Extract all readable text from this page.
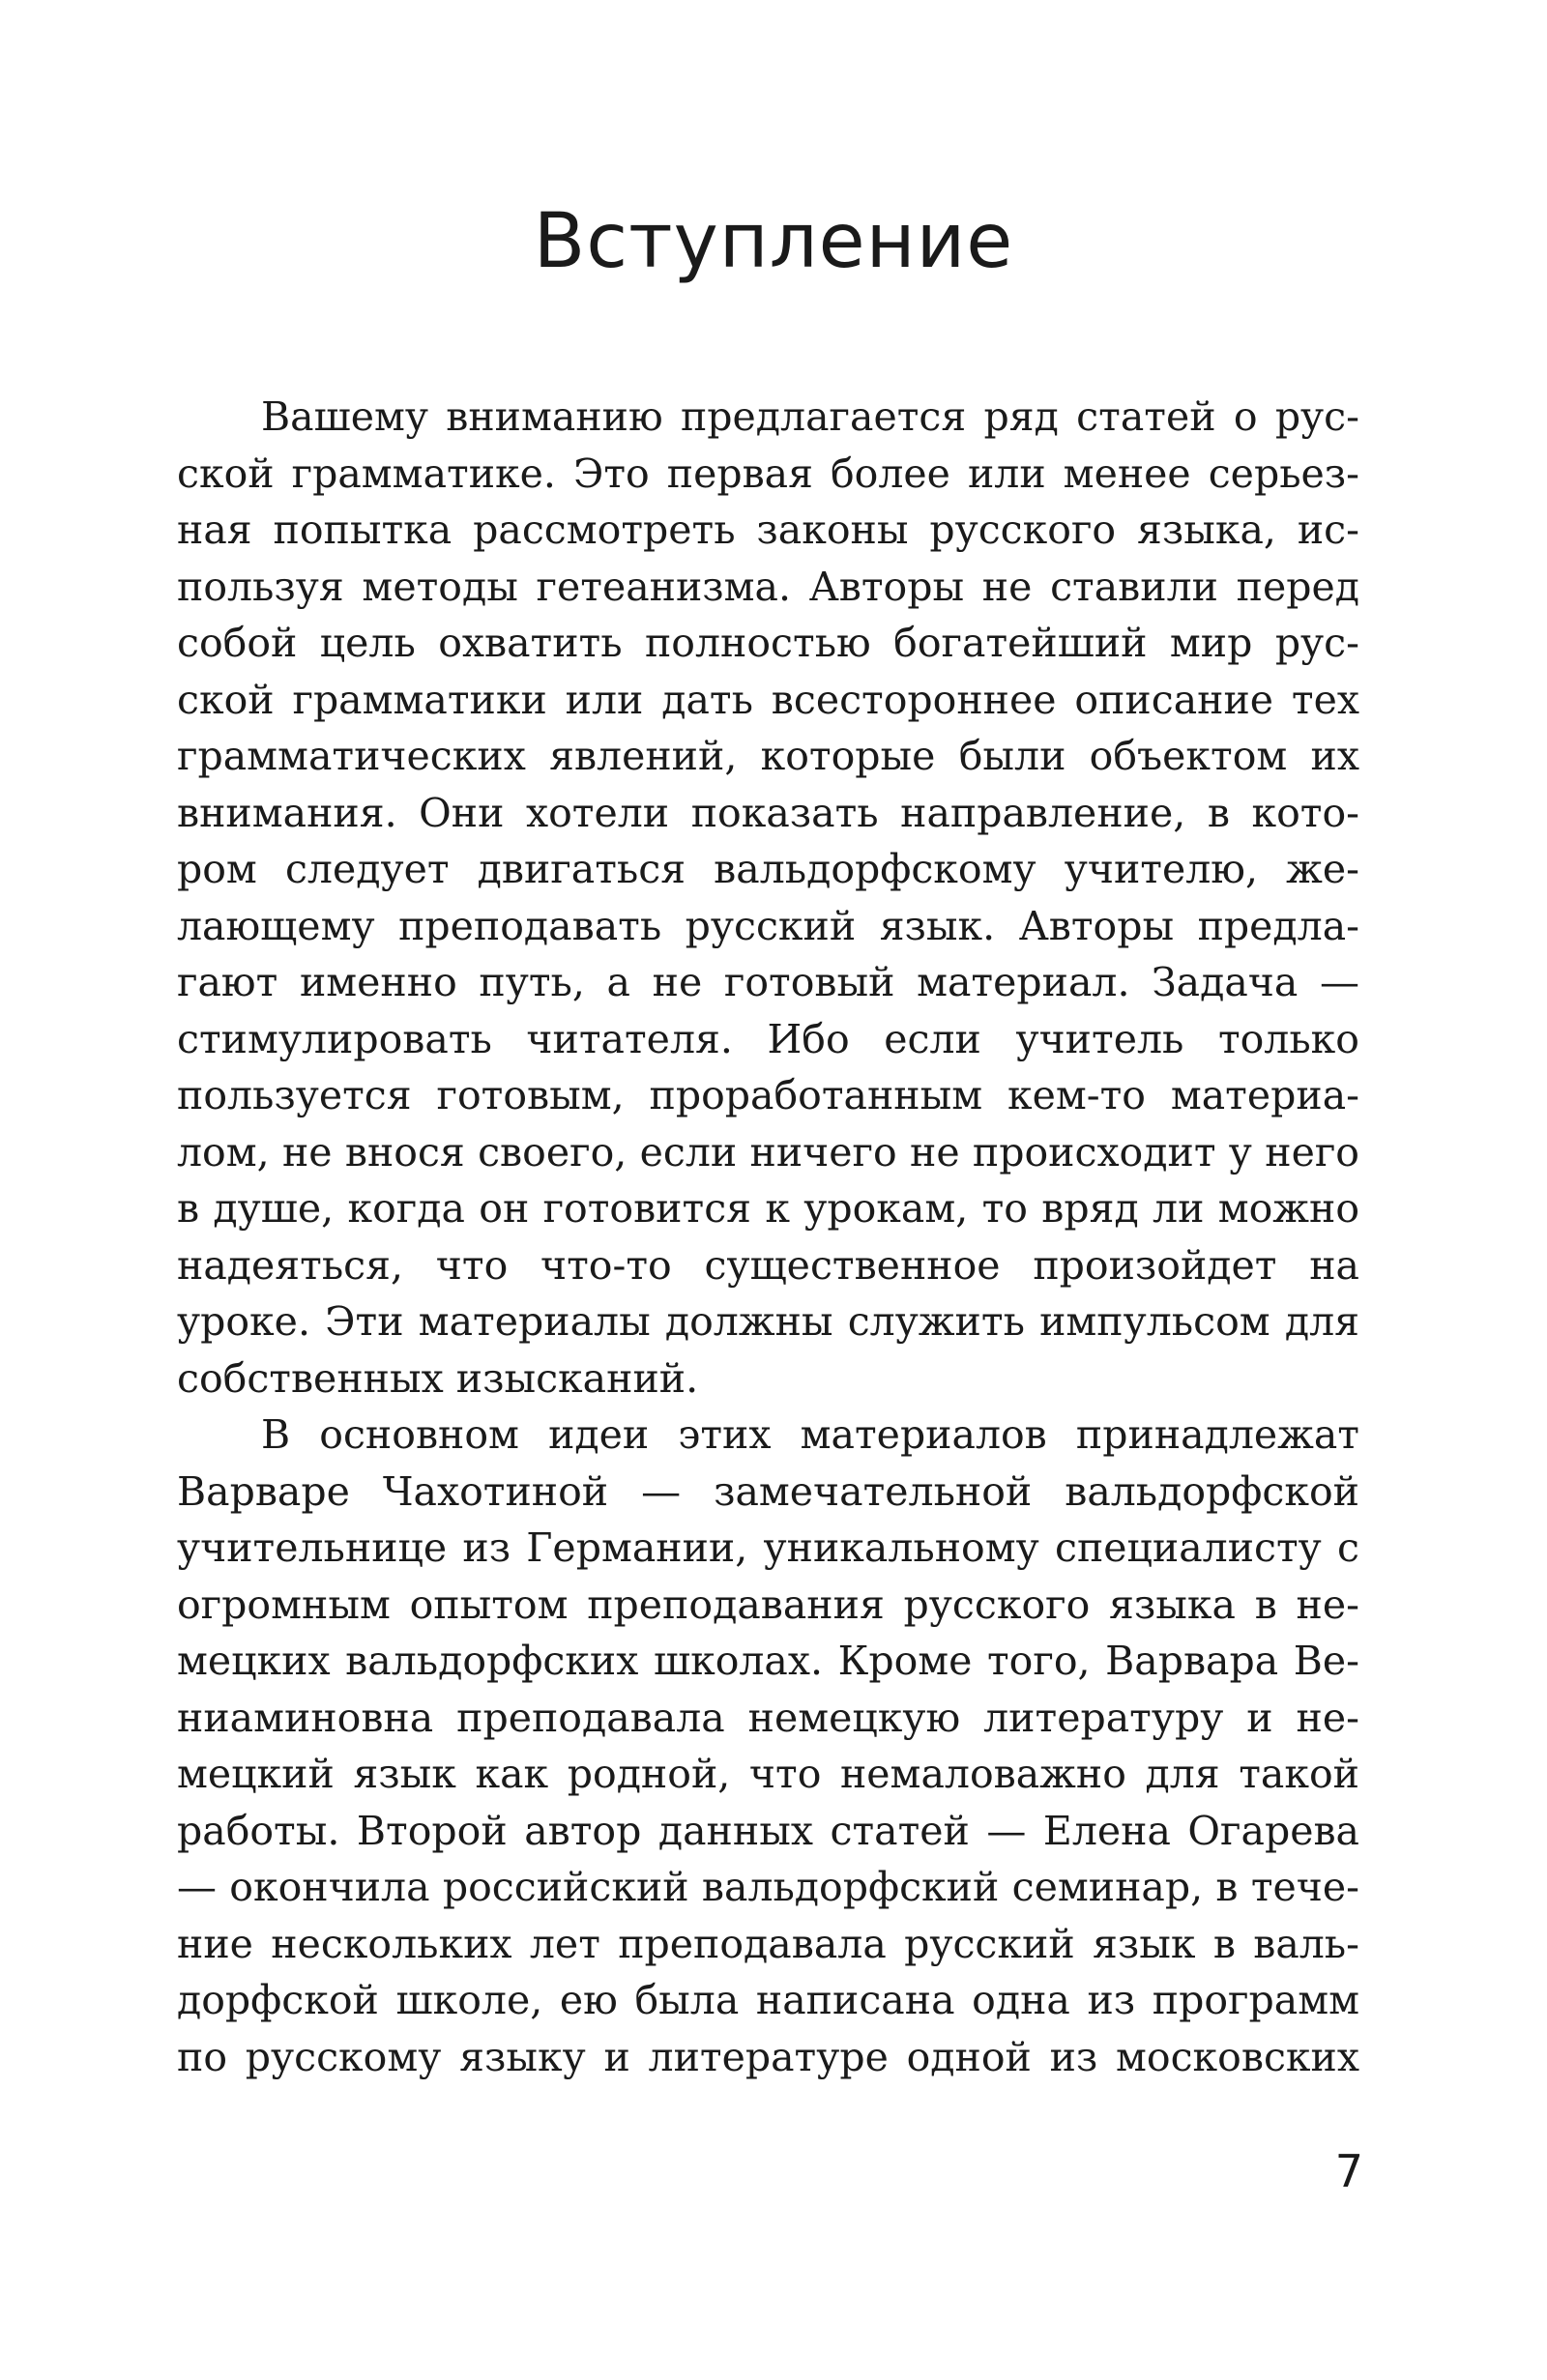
Вступление
Вашему вниманию предлагается ряд статей о рус-
ской грамматике. Это первая более или менее серьез-
ная попытка рассмотреть законы русского языка, ис-
пользуя методы гетеанизма. Авторы не ставили перед
собой цель охватить полностью богатейший мир рус-
ской грамматики или дать всестороннее описание тех
грамматических явлений, которые были объектом их
внимания. Они хотели показать направление, в кото-
ром следует двигаться вальдорфскому учителю, же-
лающему преподавать русский язык. Авторы предла-
гают именно путь, а не готовый материал. Задача —
стимулировать читателя. Ибо если учитель только
пользуется готовым, проработанным кем-то материа-
лом, не внося своего, если ничего не происходит у него
в душе, когда он готовится к урокам, то вряд ли можно
надеяться, что что-то существенное произойдет на
уроке. Эти материалы должны служить импульсом для
собственных изысканий.
В основном идеи этих материалов принадлежат
Варваре Чахотиной — замечательной вальдорфской
учительнице из Германии, уникальному специалисту с
огромным опытом преподавания русского языка в не-
мецких вальдорфских школах. Кроме того, Варвара Ве-
ниаминовна преподавала немецкую литературу и не-
мецкий язык как родной, что немаловажно для такой
работы. Второй автор данных статей — Елена Огарева
— окончила российский вальдорфский семинар, в тече-
ние нескольких лет преподавала русский язык в валь-
дорфской школе, ею была написана одна из программ
по русскому языку и литературе одной из московских
7
